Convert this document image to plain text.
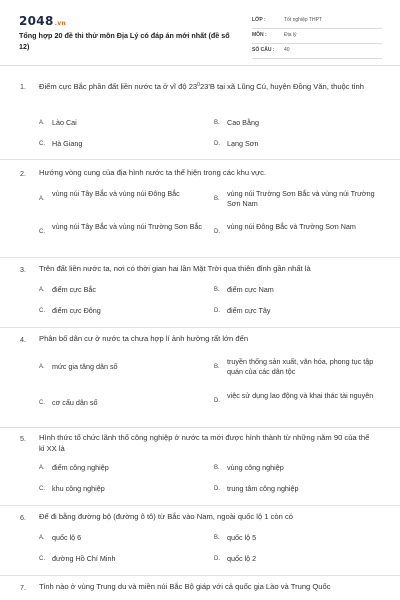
2048.vn
Tổng hợp 20 đề thi thử môn Địa Lý có đáp án mới nhất (đề số 12)
LỚP :	Tốt nghiệp THPT
MÔN :	Địa lý
SỐ CÂU : 40
1. Điểm cực Bắc phần đất liền nước ta ở vĩ độ $23^023'B$ tại xã Lũng Cú, huyện Đồng Văn, thuộc tỉnh
A. Lào Cai	B. Cao Bằng
C. Hà Giang	D. Lạng Sơn
2. Hướng vòng cung của địa hình nước ta thể hiện trong các khu vực.
A.
vùng núi Tây Bắc và vùng núi Đông Bắc
B.
vùng núi Trường Sơn Bắc và vùng núi Trường Sơn Nam
C.
vùng núi Tây Bắc và vùng núi Trường Sơn Bắc
D.
vùng núi Đông Bắc và Trường Sơn Nam
3. Trên đất liền nước ta, nơi có thời gian hai lần Mặt Trời qua thiên đỉnh gần nhất là
A. điểm cực Bắc	B. điểm cực Nam
C. điểm cực Đông	D. điểm cực Tây
4. Phân bố dân cư ở nước ta chưa hợp lí ảnh hưởng rất lớn đến
A. mức gia tăng dân số	B.
truyền thống sản xuất, văn hóa, phong tục tập quán của các dân tộc
C. cơ cấu dân số	D.
việc sử dụng lao động và khai thác tài nguyên
5. Hình thức tổ chức lãnh thổ công nghiệp ở nước ta mới được hình thành từ những năm 90 của thế kỉ XX là
A. điểm công nghiệp	B. vùng công nghiệp
C. khu công nghiệp	D. trung tâm công nghiệp
6. Để đi bằng đường bộ (đường ô tô) từ Bắc vào Nam, ngoài quốc lộ 1 còn có
A. quốc lộ 6	B. quốc lộ 5
C. đường Hồ Chí Minh	D. quốc lộ 2
7. Tỉnh nào ở vùng Trung du và miền núi Bắc Bộ giáp với cả quốc gia Lào và Trung Quốc
